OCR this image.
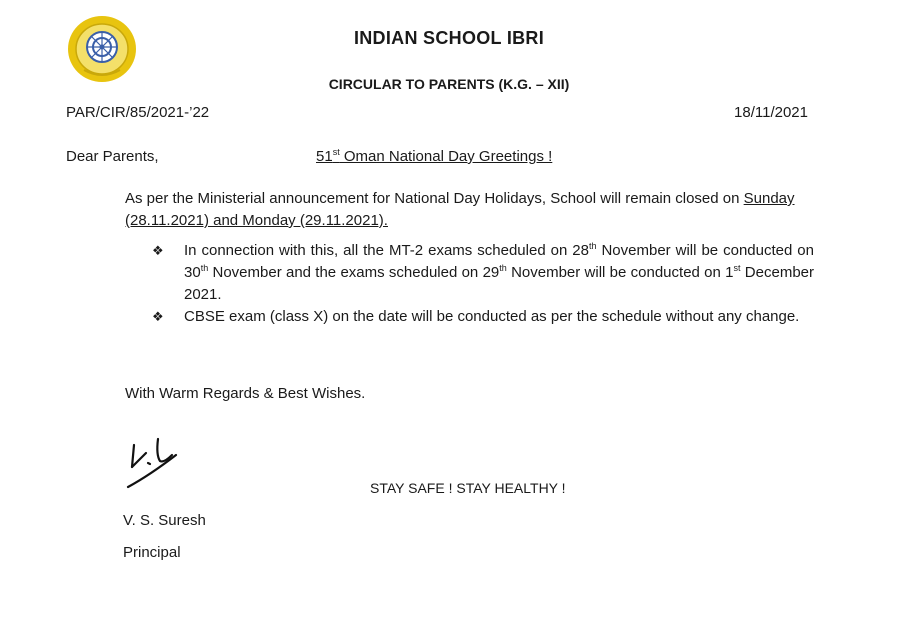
INDIAN SCHOOL IBRI
CIRCULAR TO PARENTS (K.G. – XII)
PAR/CIR/85/2021-’22	18/11/2021
Dear Parents,	51st Oman National Day Greetings !
As per the Ministerial announcement for National Day Holidays, School will remain closed on Sunday (28.11.2021) and Monday (29.11.2021).
❖	In connection with this, all the MT-2 exams scheduled on 28th November will be conducted on 30th November and the exams scheduled on 29th November will be conducted on 1st December 2021.
❖	CBSE exam (class X) on the date will be conducted as per the schedule without any change.
With Warm Regards & Best Wishes.
STAY SAFE ! STAY HEALTHY !
V. S. Suresh
Principal
